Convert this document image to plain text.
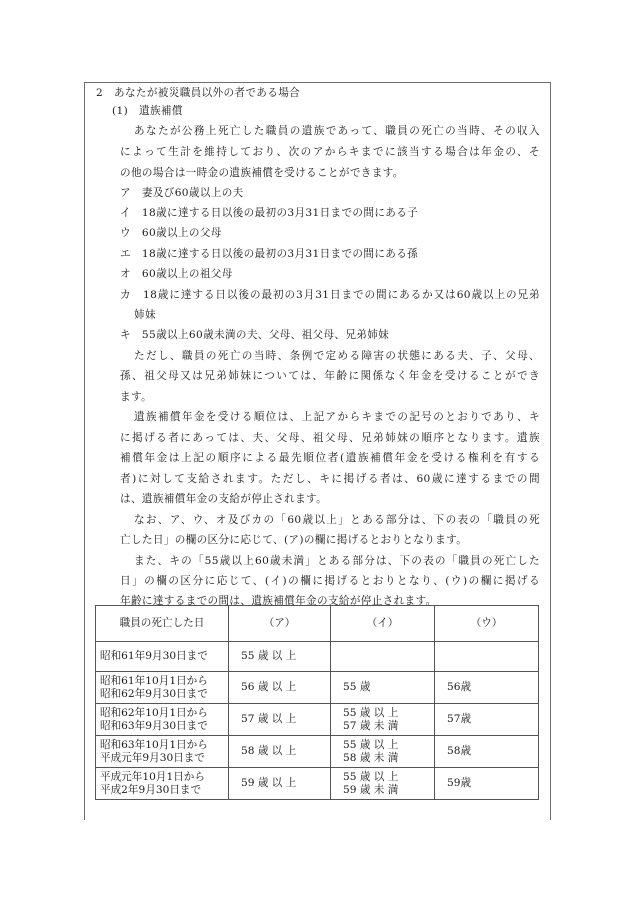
2　あなたが被災職員以外の者である場合
(1)　遺族補償
あなたが公務上死亡した職員の遺族であって、職員の死亡の当時、その収入
によって生計を維持しており、次のアからキまでに該当する場合は年金の、そ
の他の場合は一時金の遺族補償を受けることができます。
ア　妻及び60歳以上の夫
イ　18歳に達する日以後の最初の3月31日までの間にある子
ウ　60歳以上の父母
エ　18歳に達する日以後の最初の3月31日までの間にある孫
オ　60歳以上の祖父母
カ　18歳に達する日以後の最初の3月31日までの間にあるか又は60歳以上の兄弟
姉妹
キ　55歳以上60歳未満の夫、父母、祖父母、兄弟姉妹
ただし、職員の死亡の当時、条例で定める障害の状態にある夫、子、父母、
孫、祖父母又は兄弟姉妹については、年齢に関係なく年金を受けることができ
ます。
遺族補償年金を受ける順位は、上記アからキまでの記号のとおりであり、キ
に掲げる者にあっては、夫、父母、祖父母、兄弟姉妹の順序となります。遺族
補償年金は上記の順序による最先順位者(遺族補償年金を受ける権利を有する
者)に対して支給されます。ただし、キに掲げる者は、60歳に達するまでの間
は、遺族補償年金の支給が停止されます。
なお、ア、ウ、オ及びカの「60歳以上」とある部分は、下の表の「職員の死
亡した日」の欄の区分に応じて、(ア)の欄に掲げるとおりとなります。
また、キの「55歳以上60歳未満」とある部分は、下の表の「職員の死亡した
日」の欄の区分に応じて、(イ)の欄に掲げるとおりとなり、(ウ)の欄に掲げる
年齢に達するまでの間は、遺族補償年金の支給が停止されます。
職員の死亡した日	（ア）	（イ）	（ウ）

昭和61年9月30日まで	55 歳 以 上		

昭和61年10月1日から
昭和62年9月30日まで	56 歳 以 上	55 歳	56歳

昭和62年10月1日から
昭和63年9月30日まで	57 歳 以 上	55 歳 以 上
57 歳 未 満	57歳

昭和63年10月1日から
平成元年9月30日まで	58 歳 以 上	55 歳 以 上
58 歳 未 満	58歳

平成元年10月1日から
平成2年9月30日まで	59 歳 以 上	55 歳 以 上
59 歳 未 満	59歳
